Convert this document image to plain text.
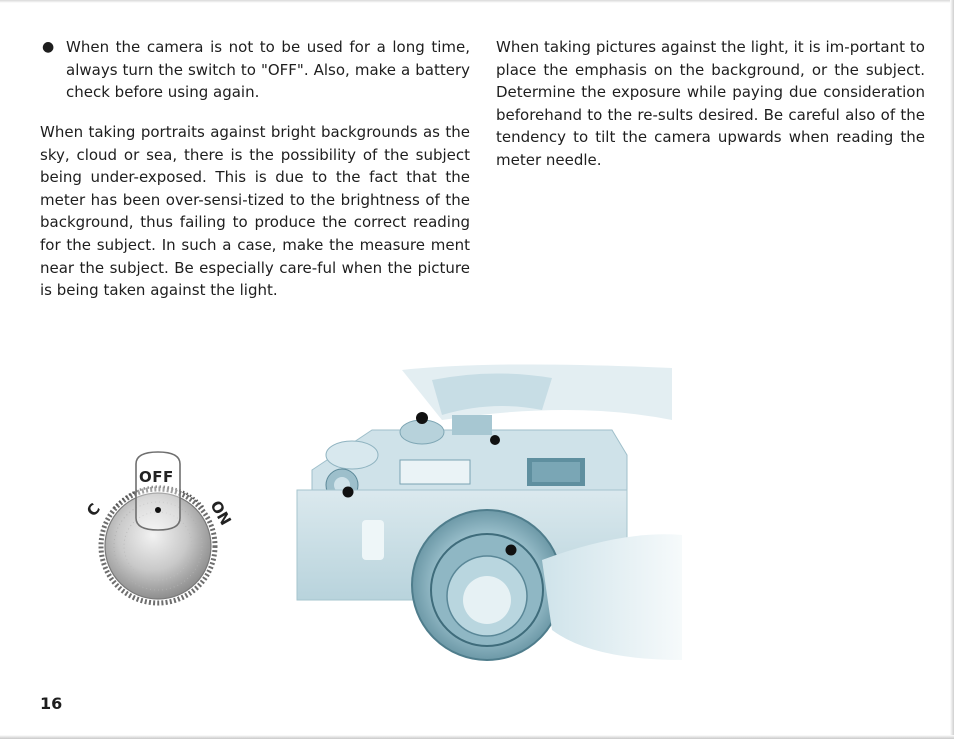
● When the camera is not to be used for a long time, always turn the switch to "OFF". Also, make a battery check before using again.

When taking portraits against bright backgrounds as the sky, cloud or sea, there is the possibility of the subject being under-exposed. This is due to the fact that the meter has been over-sensi-tized to the brightness of the background, thus failing to produce the correct reading for the subject. In such a case, make the measure ment near the subject. Be especially care-ful when the picture is being taken against the light.

When taking pictures against the light, it is im-portant to place the emphasis on the background, or the subject. Determine the exposure while paying due consideration beforehand to the re-sults desired. Be careful also of the tendency to tilt the camera upwards when reading the meter needle.

OFF
C	ON
16
